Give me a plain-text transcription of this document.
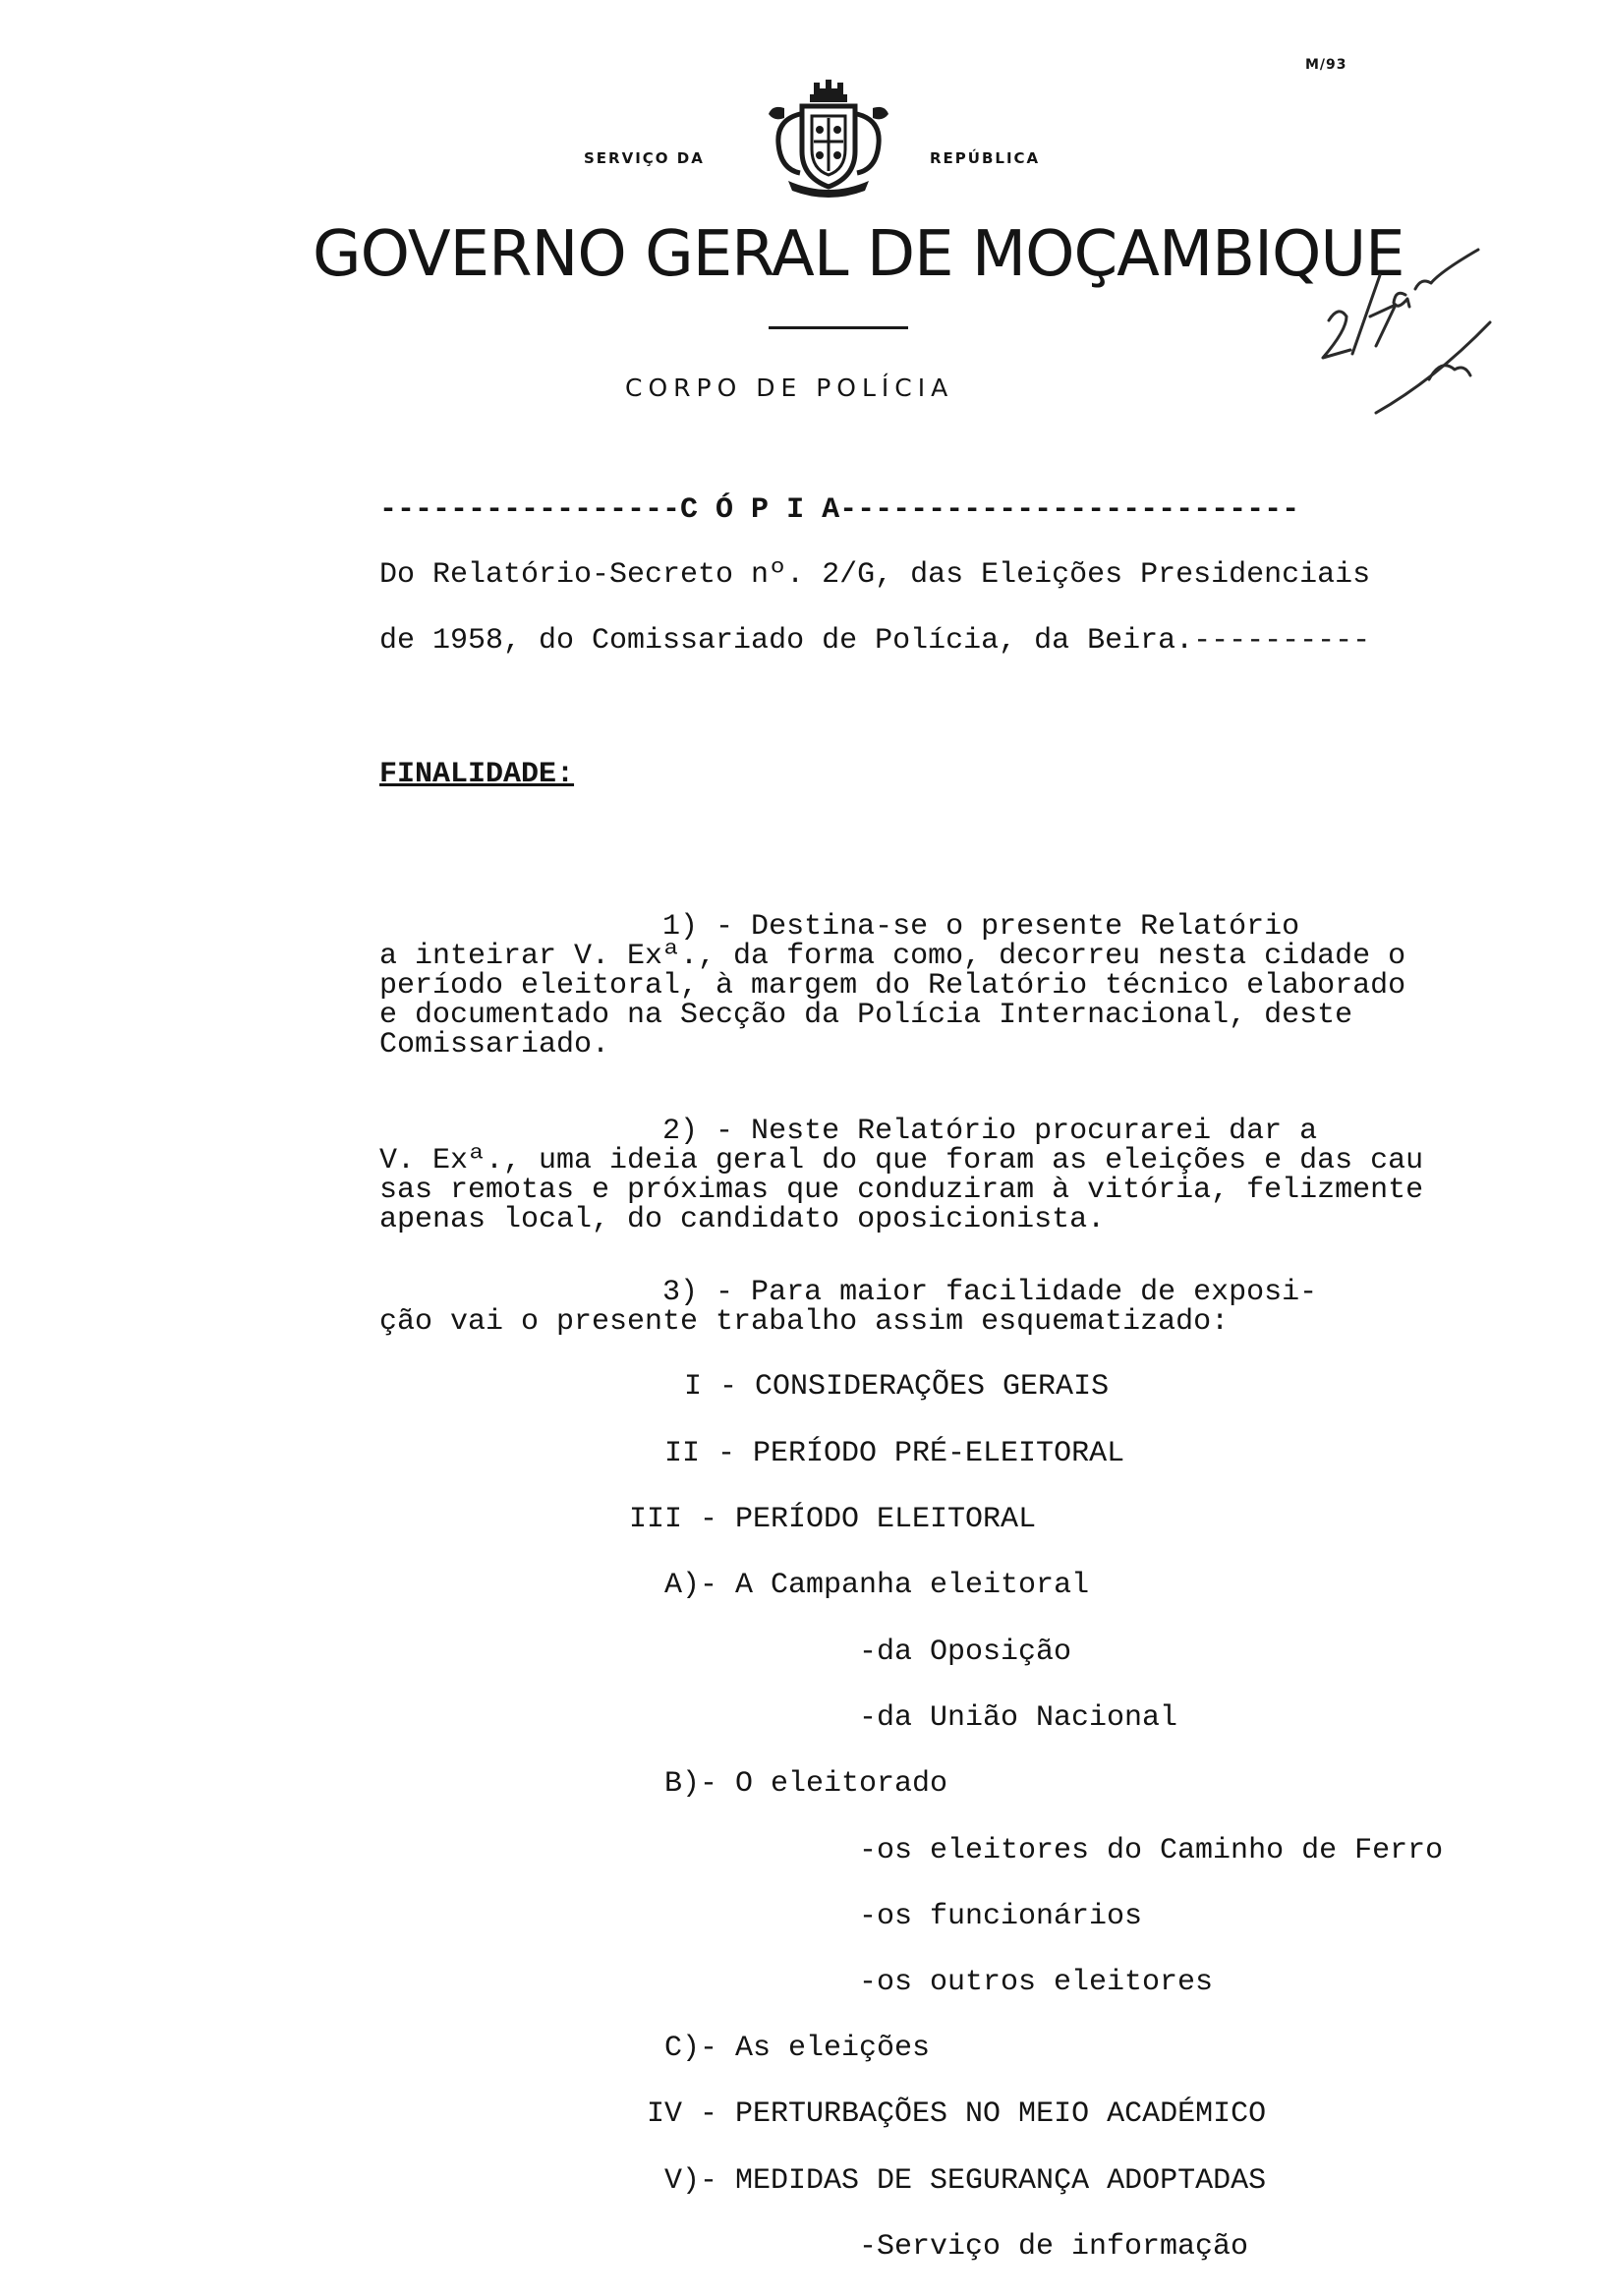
M/93
SERVIÇO DA	REPÚBLICA
GOVERNO GERAL DE MOÇAMBIQUE
CORPO DE POLÍCIA
-----------------C Ó P I A--------------------------
Do Relatório-Secreto nº. 2/G, das Eleições Presidenciais
de 1958, do Comissariado de Polícia, da Beira.----------
FINALIDADE:
1) - Destina-se o presente Relatório
a inteirar V. Exª., da forma como, decorreu nesta cidade o
período eleitoral, à margem do Relatório técnico elaborado
e documentado na Secção da Polícia Internacional, deste
Comissariado.
2) - Neste Relatório procurarei dar a
V. Exª., uma ideia geral do que foram as eleições e das cau
sas remotas e próximas que conduziram à vitória, felizmente
apenas local, do candidato oposicionista.
3) - Para maior facilidade de exposi-
ção vai o presente trabalho assim esquematizado:
I - CONSIDERAÇÕES GERAIS
II - PERÍODO PRÉ-ELEITORAL
III - PERÍODO ELEITORAL
A)- A Campanha eleitoral
-da Oposição
-da União Nacional
B)- O eleitorado
-os eleitores do Caminho de Ferro
-os funcionários
-os outros eleitores
C)- As eleições
IV - PERTURBAÇÕES NO MEIO ACADÉMICO
V)- MEDIDAS DE SEGURANÇA ADOPTADAS
-Serviço de informação
